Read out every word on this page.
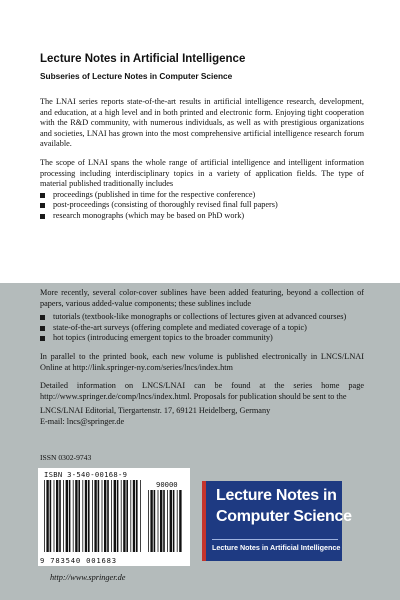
Lecture Notes in Artificial Intelligence
Subseries of Lecture Notes in Computer Science

The LNAI series reports state-of-the-art results in artificial intelligence research, development, and education, at a high level and in both printed and electronic form. Enjoying tight cooperation with the R&D community, with numerous individuals, as well as with prestigious organizations and societies, LNAI has grown into the most comprehensive artificial intelligence research forum available.

The scope of LNAI spans the whole range of artificial intelligence and intelligent information processing including interdisciplinary topics in a variety of application fields. The type of material published traditionally includes

proceedings (published in time for the respective conference)
post-proceedings (consisting of thoroughly revised final full papers)
research monographs (which may be based on PhD work)

More recently, several color-cover sublines have been added featuring, beyond a collection of papers, various added-value components; these sublines include

tutorials (textbook-like monographs or collections of lectures given at advanced courses)
state-of-the-art surveys (offering complete and mediated coverage of a topic)
hot topics (introducing emergent topics to the broader community)

In parallel to the printed book, each new volume is published electronically in LNCS/LNAI Online at http://link.springer-ny.com/series/lncs/index.htm

Detailed information on LNCS/LNAI can be found at the series home page http://www.springer.de/comp/lncs/index.html. Proposals for publication should be sent to the

LNCS/LNAI Editorial, Tiergartenstr. 17, 69121 Heidelberg, Germany

E-mail: lncs@springer.de

ISSN 0302-9743
ISBN 3-540-00168-9
90000
9 783540 001683
http://www.springer.de
Lecture Notes in
Computer Science
Lecture Notes in Artificial Intelligence
